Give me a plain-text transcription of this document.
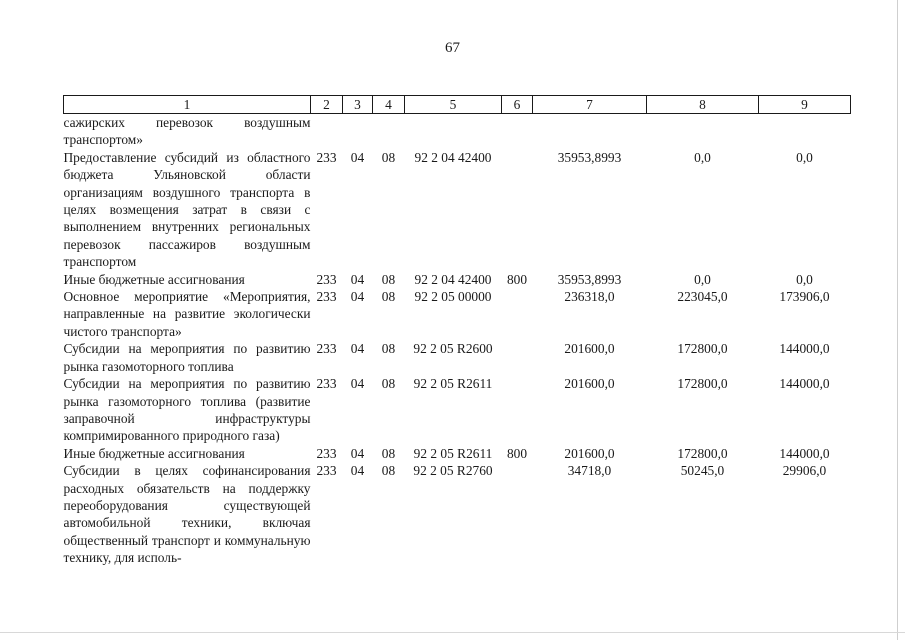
67
1	2	3	4	5	6	7	8	9
сажирских перевозок воздушным транспортом»								
Предоставление субсидий из областного бюджета Ульяновской области организациям воздушного транспорта в целях возмещения затрат в связи с выполнением внутренних региональных перевозок пассажиров воздушным транспортом	233	04	08	92 2 04 42400		35953,8993	0,0	0,0
Иные бюджетные ассигнования	233	04	08	92 2 04 42400	800	35953,8993	0,0	0,0
Основное мероприятие «Мероприятия, направленные на развитие экологически чистого транспорта»	233	04	08	92 2 05 00000		236318,0	223045,0	173906,0
Субсидии на мероприятия по развитию рынка газомоторного топлива	233	04	08	92 2 05 R2600		201600,0	172800,0	144000,0
Субсидии на мероприятия по развитию рынка газомоторного топлива (развитие заправочной инфраструктуры компримированного природного газа)	233	04	08	92 2 05 R2611		201600,0	172800,0	144000,0
Иные бюджетные ассигнования	233	04	08	92 2 05 R2611	800	201600,0	172800,0	144000,0
Субсидии в целях софинансирования расходных обязательств на поддержку переоборудования существующей автомобильной техники, включая общественный транспорт и коммунальную технику, для исполь-	233	04	08	92 2 05 R2760		34718,0	50245,0	29906,0
